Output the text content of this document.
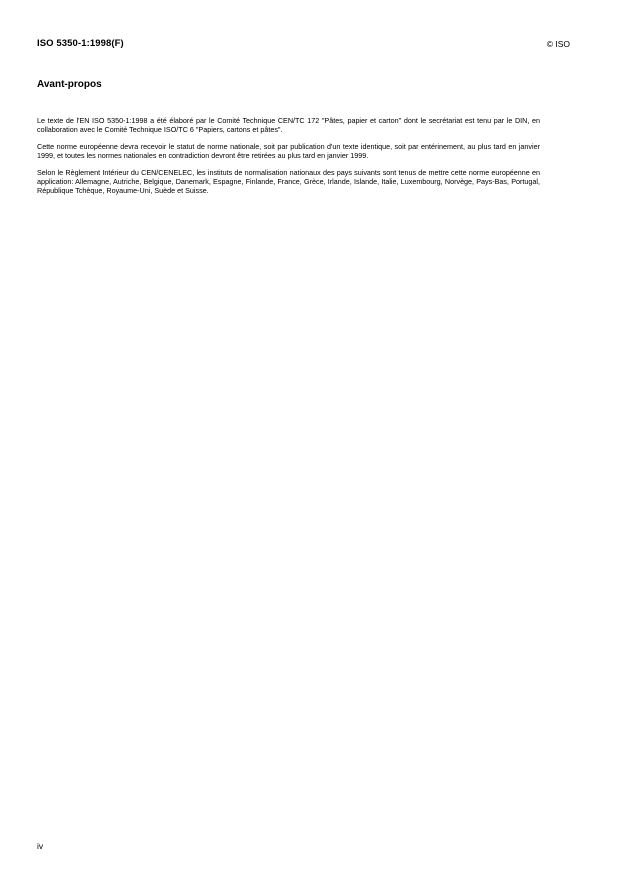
ISO 5350-1:1998(F)	© ISO
Avant-propos

Le texte de l'EN ISO 5350-1:1998 a été élaboré par le Comité Technique CEN/TC 172 "Pâtes, papier et carton" dont le secrétariat est tenu par le DIN, en collaboration avec le Comité Technique ISO/TC 6 "Papiers, cartons et pâtes".

Cette norme européenne devra recevoir le statut de norme nationale, soit par publication d'un texte identique, soit par entérinement, au plus tard en janvier 1999, et toutes les normes nationales en contradiction devront être retirées au plus tard en janvier 1999.

Selon le Règlement Intérieur du CEN/CENELEC, les instituts de normalisation nationaux des pays suivants sont tenus de mettre cette norme européenne en application: Allemagne, Autriche, Belgique, Danemark, Espagne, Finlande, France, Grèce, Irlande, Islande, Italie, Luxembourg, Norvège, Pays-Bas, Portugal, République Tchèque, Royaume-Uni, Suède et Suisse.

iv
